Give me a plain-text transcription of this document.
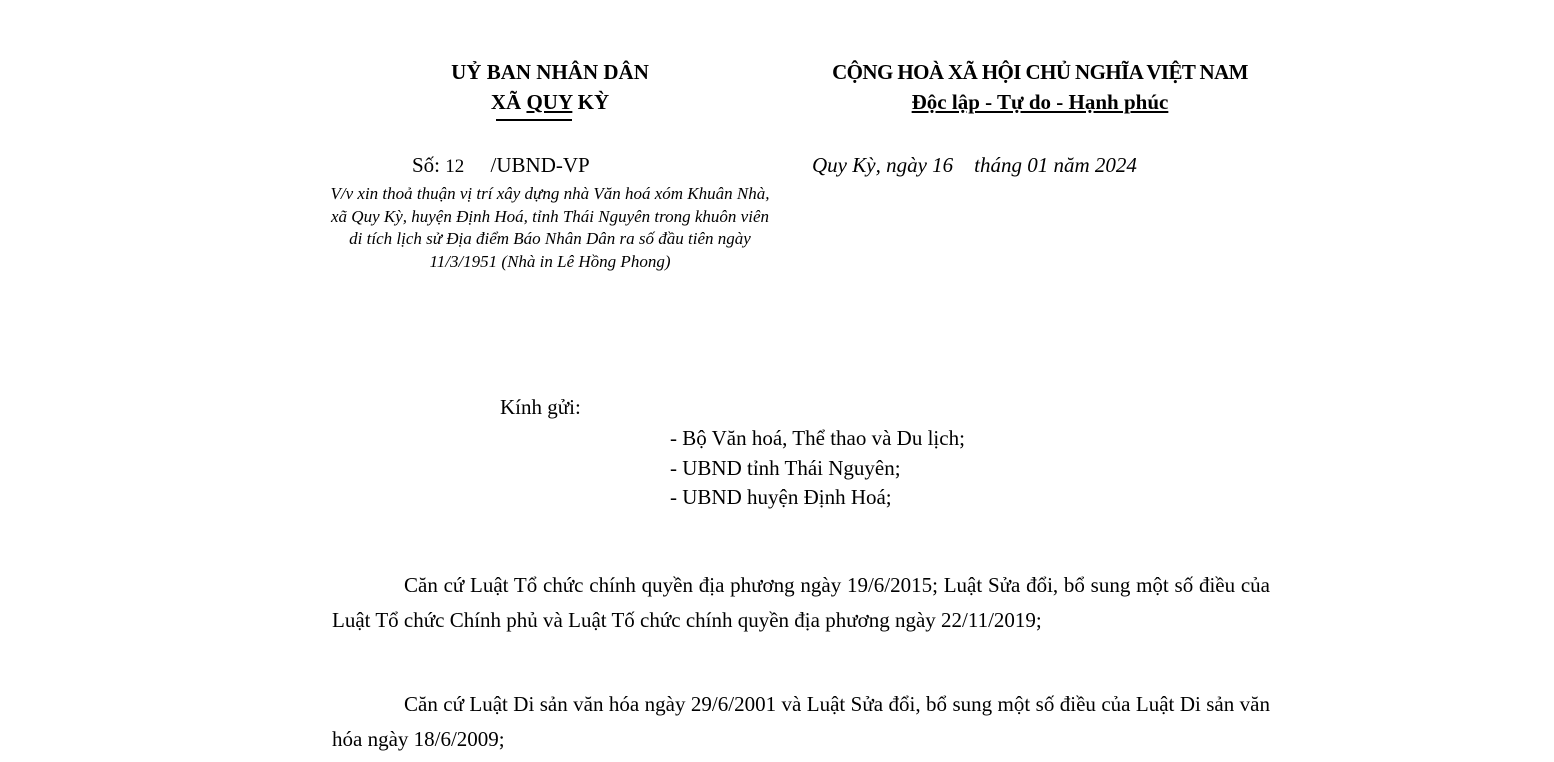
UỶ BAN NHÂN DÂN
XÃ QUY KỲ
CỘNG HOÀ XÃ HỘI CHỦ NGHĨA VIỆT NAM
Độc lập - Tự do - Hạnh phúc
Số: 12     /UBND-VP
V/v xin thoả thuận vị trí xây dựng nhà Văn hoá xóm Khuân Nhà, xã Quy Kỳ, huyện Định Hoá, tỉnh Thái Nguyên trong khuôn viên di tích lịch sử Địa điểm Báo Nhân Dân ra số đầu tiên ngày 11/3/1951 (Nhà in Lê Hồng Phong)
Quy Kỳ, ngày 16    tháng 01 năm 2024
Kính gửi:
- Bộ Văn hoá, Thể thao và Du lịch;
- UBND tỉnh Thái Nguyên;
- UBND huyện Định Hoá;
Căn cứ Luật Tổ chức chính quyền địa phương ngày 19/6/2015; Luật Sửa đổi, bổ sung một số điều của Luật Tổ chức Chính phủ và Luật Tố chức chính quyền địa phương ngày 22/11/2019;
Căn cứ Luật Di sản văn hóa ngày 29/6/2001 và Luật Sửa đổi, bổ sung một số điều của Luật Di sản văn hóa ngày 18/6/2009;
